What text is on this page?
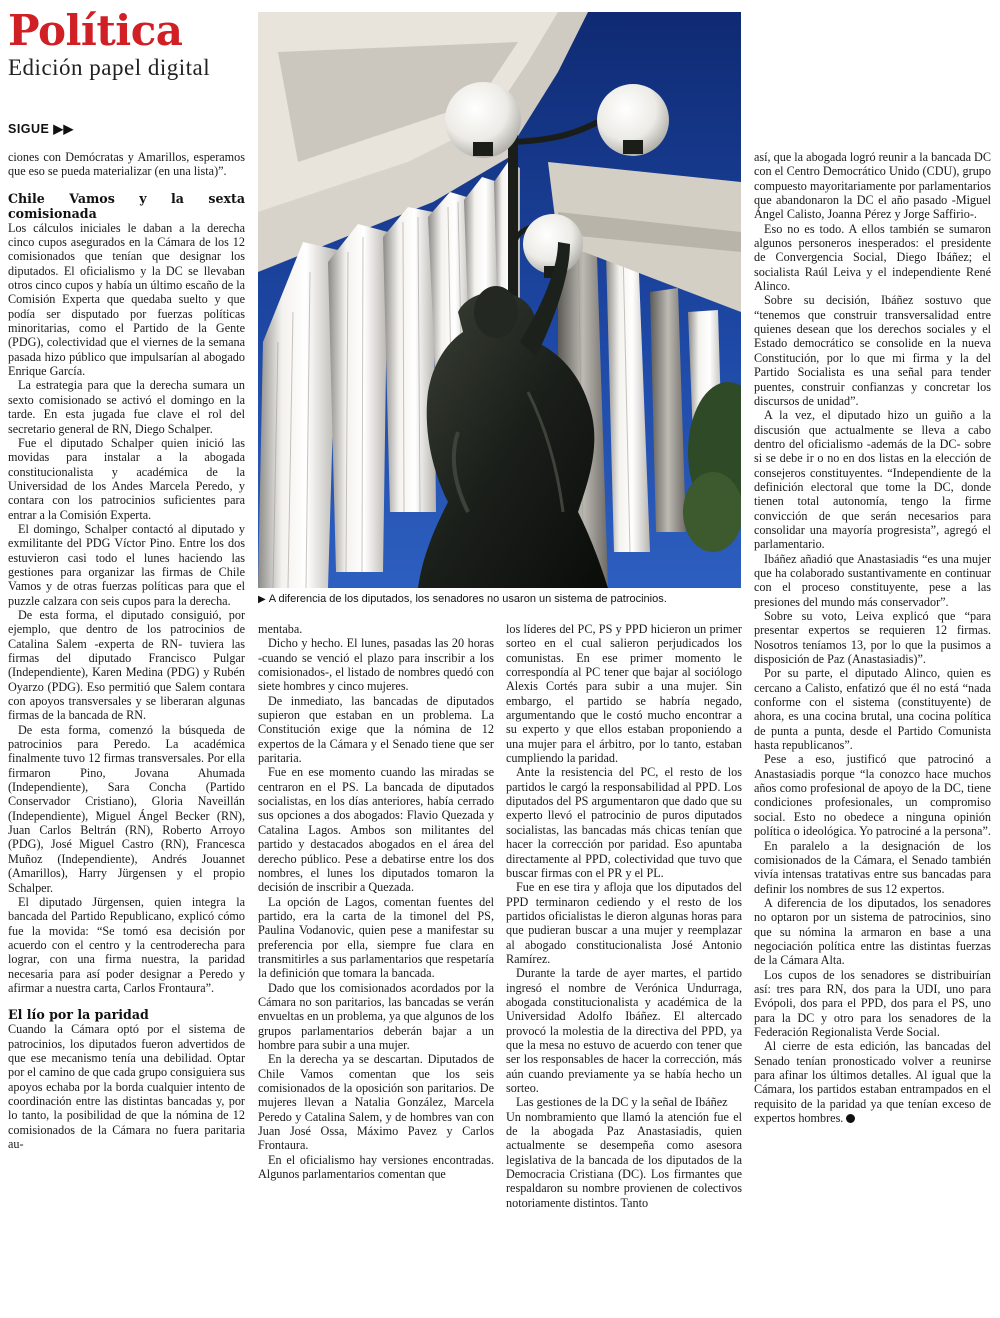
Política
Edición papel digital
SIGUE ▶▶
▶ A diferencia de los diputados, los senadores no usaron un sistema de patrocinios.

ciones con Demócratas y Amarillos, esperamos que eso se pueda materializar (en una lista)”.

Chile Vamos y la sexta comisionada

Los cálculos iniciales le daban a la derecha cinco cupos asegurados en la Cámara de los 12 comisionados que tenían que designar los diputados. El oficialismo y la DC se llevaban otros cinco cupos y había un último escaño de la Comisión Experta que quedaba suelto y que podía ser disputado por fuerzas políticas minoritarias, como el Partido de la Gente (PDG), colectividad que el viernes de la semana pasada hizo público que impulsarían al abogado Enrique García.

La estrategia para que la derecha sumara un sexto comisionado se activó el domingo en la tarde. En esta jugada fue clave el rol del secretario general de RN, Diego Schalper.

Fue el diputado Schalper quien inició las movidas para instalar a la abogada constitucionalista y académica de la Universidad de los Andes Marcela Peredo, y contara con los patrocinios suficientes para entrar a la Comisión Experta.

El domingo, Schalper contactó al diputado y exmilitante del PDG Víctor Pino. Entre los dos estuvieron casi todo el lunes haciendo las gestiones para organizar las firmas de Chile Vamos y de otras fuerzas políticas para que el puzzle calzara con seis cupos para la derecha.

De esta forma, el diputado consiguió, por ejemplo, que dentro de los patrocinios de Catalina Salem -experta de RN- tuviera las firmas del diputado Francisco Pulgar (Independiente), Karen Medina (PDG) y Rubén Oyarzo (PDG). Eso permitió que Salem contara con apoyos transversales y se liberaran algunas firmas de la bancada de RN.

De esta forma, comenzó la búsqueda de patrocinios para Peredo. La académica finalmente tuvo 12 firmas transversales. Por ella firmaron Pino, Jovana Ahumada (Independiente), Sara Concha (Partido Conservador Cristiano), Gloria Naveillán (Independiente), Miguel Ángel Becker (RN), Juan Carlos Beltrán (RN), Roberto Arroyo (PDG), José Miguel Castro (RN), Francesca Muñoz (Independiente), Andrés Jouannet (Amarillos), Harry Jürgensen y el propio Schalper.

El diputado Jürgensen, quien integra la bancada del Partido Republicano, explicó cómo fue la movida: “Se tomó esa decisión por acuerdo con el centro y la centroderecha para lograr, con una firma nuestra, la paridad necesaria para así poder designar a Peredo y afirmar a nuestra carta, Carlos Frontaura”.

El lío por la paridad

Cuando la Cámara optó por el sistema de patrocinios, los diputados fueron advertidos de que ese mecanismo tenía una debilidad. Optar por el camino de que cada grupo consiguiera sus apoyos echaba por la borda cualquier intento de coordinación entre las distintas bancadas y, por lo tanto, la posibilidad de que la nómina de 12 comisionados de la Cámara no fuera paritaria au-

mentaba.

Dicho y hecho. El lunes, pasadas las 20 horas -cuando se venció el plazo para inscribir a los comisionados-, el listado de nombres quedó con siete hombres y cinco mujeres.

De inmediato, las bancadas de diputados supieron que estaban en un problema. La Constitución exige que la nómina de 12 expertos de la Cámara y el Senado tiene que ser paritaria.

Fue en ese momento cuando las miradas se centraron en el PS. La bancada de diputados socialistas, en los días anteriores, había cerrado sus opciones a dos abogados: Flavio Quezada y Catalina Lagos. Ambos son militantes del partido y destacados abogados en el área del derecho público. Pese a debatirse entre los dos nombres, el lunes los diputados tomaron la decisión de inscribir a Quezada.

La opción de Lagos, comentan fuentes del partido, era la carta de la timonel del PS, Paulina Vodanovic, quien pese a manifestar su preferencia por ella, siempre fue clara en transmitirles a sus parlamentarios que respetaría la definición que tomara la bancada.

Dado que los comisionados acordados por la Cámara no son paritarios, las bancadas se verán envueltas en un problema, ya que algunos de los grupos parlamentarios deberán bajar a un hombre para subir a una mujer.

En la derecha ya se descartan. Diputados de Chile Vamos comentan que los seis comisionados de la oposición son paritarios. De mujeres llevan a Natalia González, Marcela Peredo y Catalina Salem, y de hombres van con Juan José Ossa, Máximo Pavez y Carlos Frontaura.

En el oficialismo hay versiones encontradas. Algunos parlamentarios comentan que

los líderes del PC, PS y PPD hicieron un primer sorteo en el cual salieron perjudicados los comunistas. En ese primer momento le correspondía al PC tener que bajar al sociólogo Alexis Cortés para subir a una mujer. Sin embargo, el partido se habría negado, argumentando que le costó mucho encontrar a su experto y que ellos estaban proponiendo a una mujer para el árbitro, por lo tanto, estaban cumpliendo la paridad.

Ante la resistencia del PC, el resto de los partidos le cargó la responsabilidad al PPD. Los diputados del PS argumentaron que dado que su experto llevó el patrocinio de puros diputados socialistas, las bancadas más chicas tenían que hacer la corrección por paridad. Eso apuntaba directamente al PPD, colectividad que tuvo que buscar firmas con el PR y el PL.

Fue en ese tira y afloja que los diputados del PPD terminaron cediendo y el resto de los partidos oficialistas le dieron algunas horas para que pudieran buscar a una mujer y reemplazar al abogado constitucionalista José Antonio Ramírez.

Durante la tarde de ayer martes, el partido ingresó el nombre de Verónica Undurraga, abogada constitucionalista y académica de la Universidad Adolfo Ibáñez. El altercado provocó la molestia de la directiva del PPD, ya que la mesa no estuvo de acuerdo con tener que ser los responsables de hacer la corrección, más aún cuando previamente ya se había hecho un sorteo.

Las gestiones de la DC y la señal de Ibáñez

Un nombramiento que llamó la atención fue el de la abogada Paz Anastasiadis, quien actualmente se desempeña como asesora legislativa de la bancada de los diputados de la Democracia Cristiana (DC). Los firmantes que respaldaron su nombre provienen de colectivos notoriamente distintos. Tanto

así, que la abogada logró reunir a la bancada DC con el Centro Democrático Unido (CDU), grupo compuesto mayoritariamente por parlamentarios que abandonaron la DC el año pasado -Miguel Ángel Calisto, Joanna Pérez y Jorge Saffirio-.

Eso no es todo. A ellos también se sumaron algunos personeros inesperados: el presidente de Convergencia Social, Diego Ibáñez; el socialista Raúl Leiva y el independiente René Alinco.

Sobre su decisión, Ibáñez sostuvo que “tenemos que construir transversalidad entre quienes desean que los derechos sociales y el Estado democrático se consolide en la nueva Constitución, por lo que mi firma y la del Partido Socialista es una señal para tender puentes, construir confianzas y concretar los discursos de unidad”.

A la vez, el diputado hizo un guiño a la discusión que actualmente se lleva a cabo dentro del oficialismo -además de la DC- sobre si se debe ir o no en dos listas en la elección de consejeros constituyentes. “Independiente de la definición electoral que tome la DC, donde tienen total autonomía, tengo la firme convicción de que serán necesarios para consolidar una mayoría progresista”, agregó el parlamentario.

Ibáñez añadió que Anastasiadis “es una mujer que ha colaborado sustantivamente en continuar con el proceso constituyente, pese a las presiones del mundo más conservador”.

Sobre su voto, Leiva explicó que “para presentar expertos se requieren 12 firmas. Nosotros teníamos 13, por lo que la pusimos a disposición de Paz (Anastasiadis)”.

Por su parte, el diputado Alinco, quien es cercano a Calisto, enfatizó que él no está “nada conforme con el sistema (constituyente) de ahora, es una cocina brutal, una cocina política de punta a punta, desde el Partido Comunista hasta republicanos”.

Pese a eso, justificó que patrocinó a Anastasiadis porque “la conozco hace muchos años como profesional de apoyo de la DC, tiene condiciones profesionales, un compromiso social. Esto no obedece a ninguna opinión política o ideológica. Yo patrociné a la persona”.

En paralelo a la designación de los comisionados de la Cámara, el Senado también vivía intensas tratativas entre sus bancadas para definir los nombres de sus 12 expertos.

A diferencia de los diputados, los senadores no optaron por un sistema de patrocinios, sino que su nómina la armaron en base a una negociación política entre las distintas fuerzas de la Cámara Alta.

Los cupos de los senadores se distribuirían así: tres para RN, dos para la UDI, uno para Evópoli, dos para el PPD, dos para el PS, uno para la DC y otro para los senadores de la Federación Regionalista Verde Social.

Al cierre de esta edición, las bancadas del Senado tenían pronosticado volver a reunirse para afinar los últimos detalles. Al igual que la Cámara, los partidos estaban entrampados en el requisito de la paridad ya que tenían exceso de expertos hombres.
